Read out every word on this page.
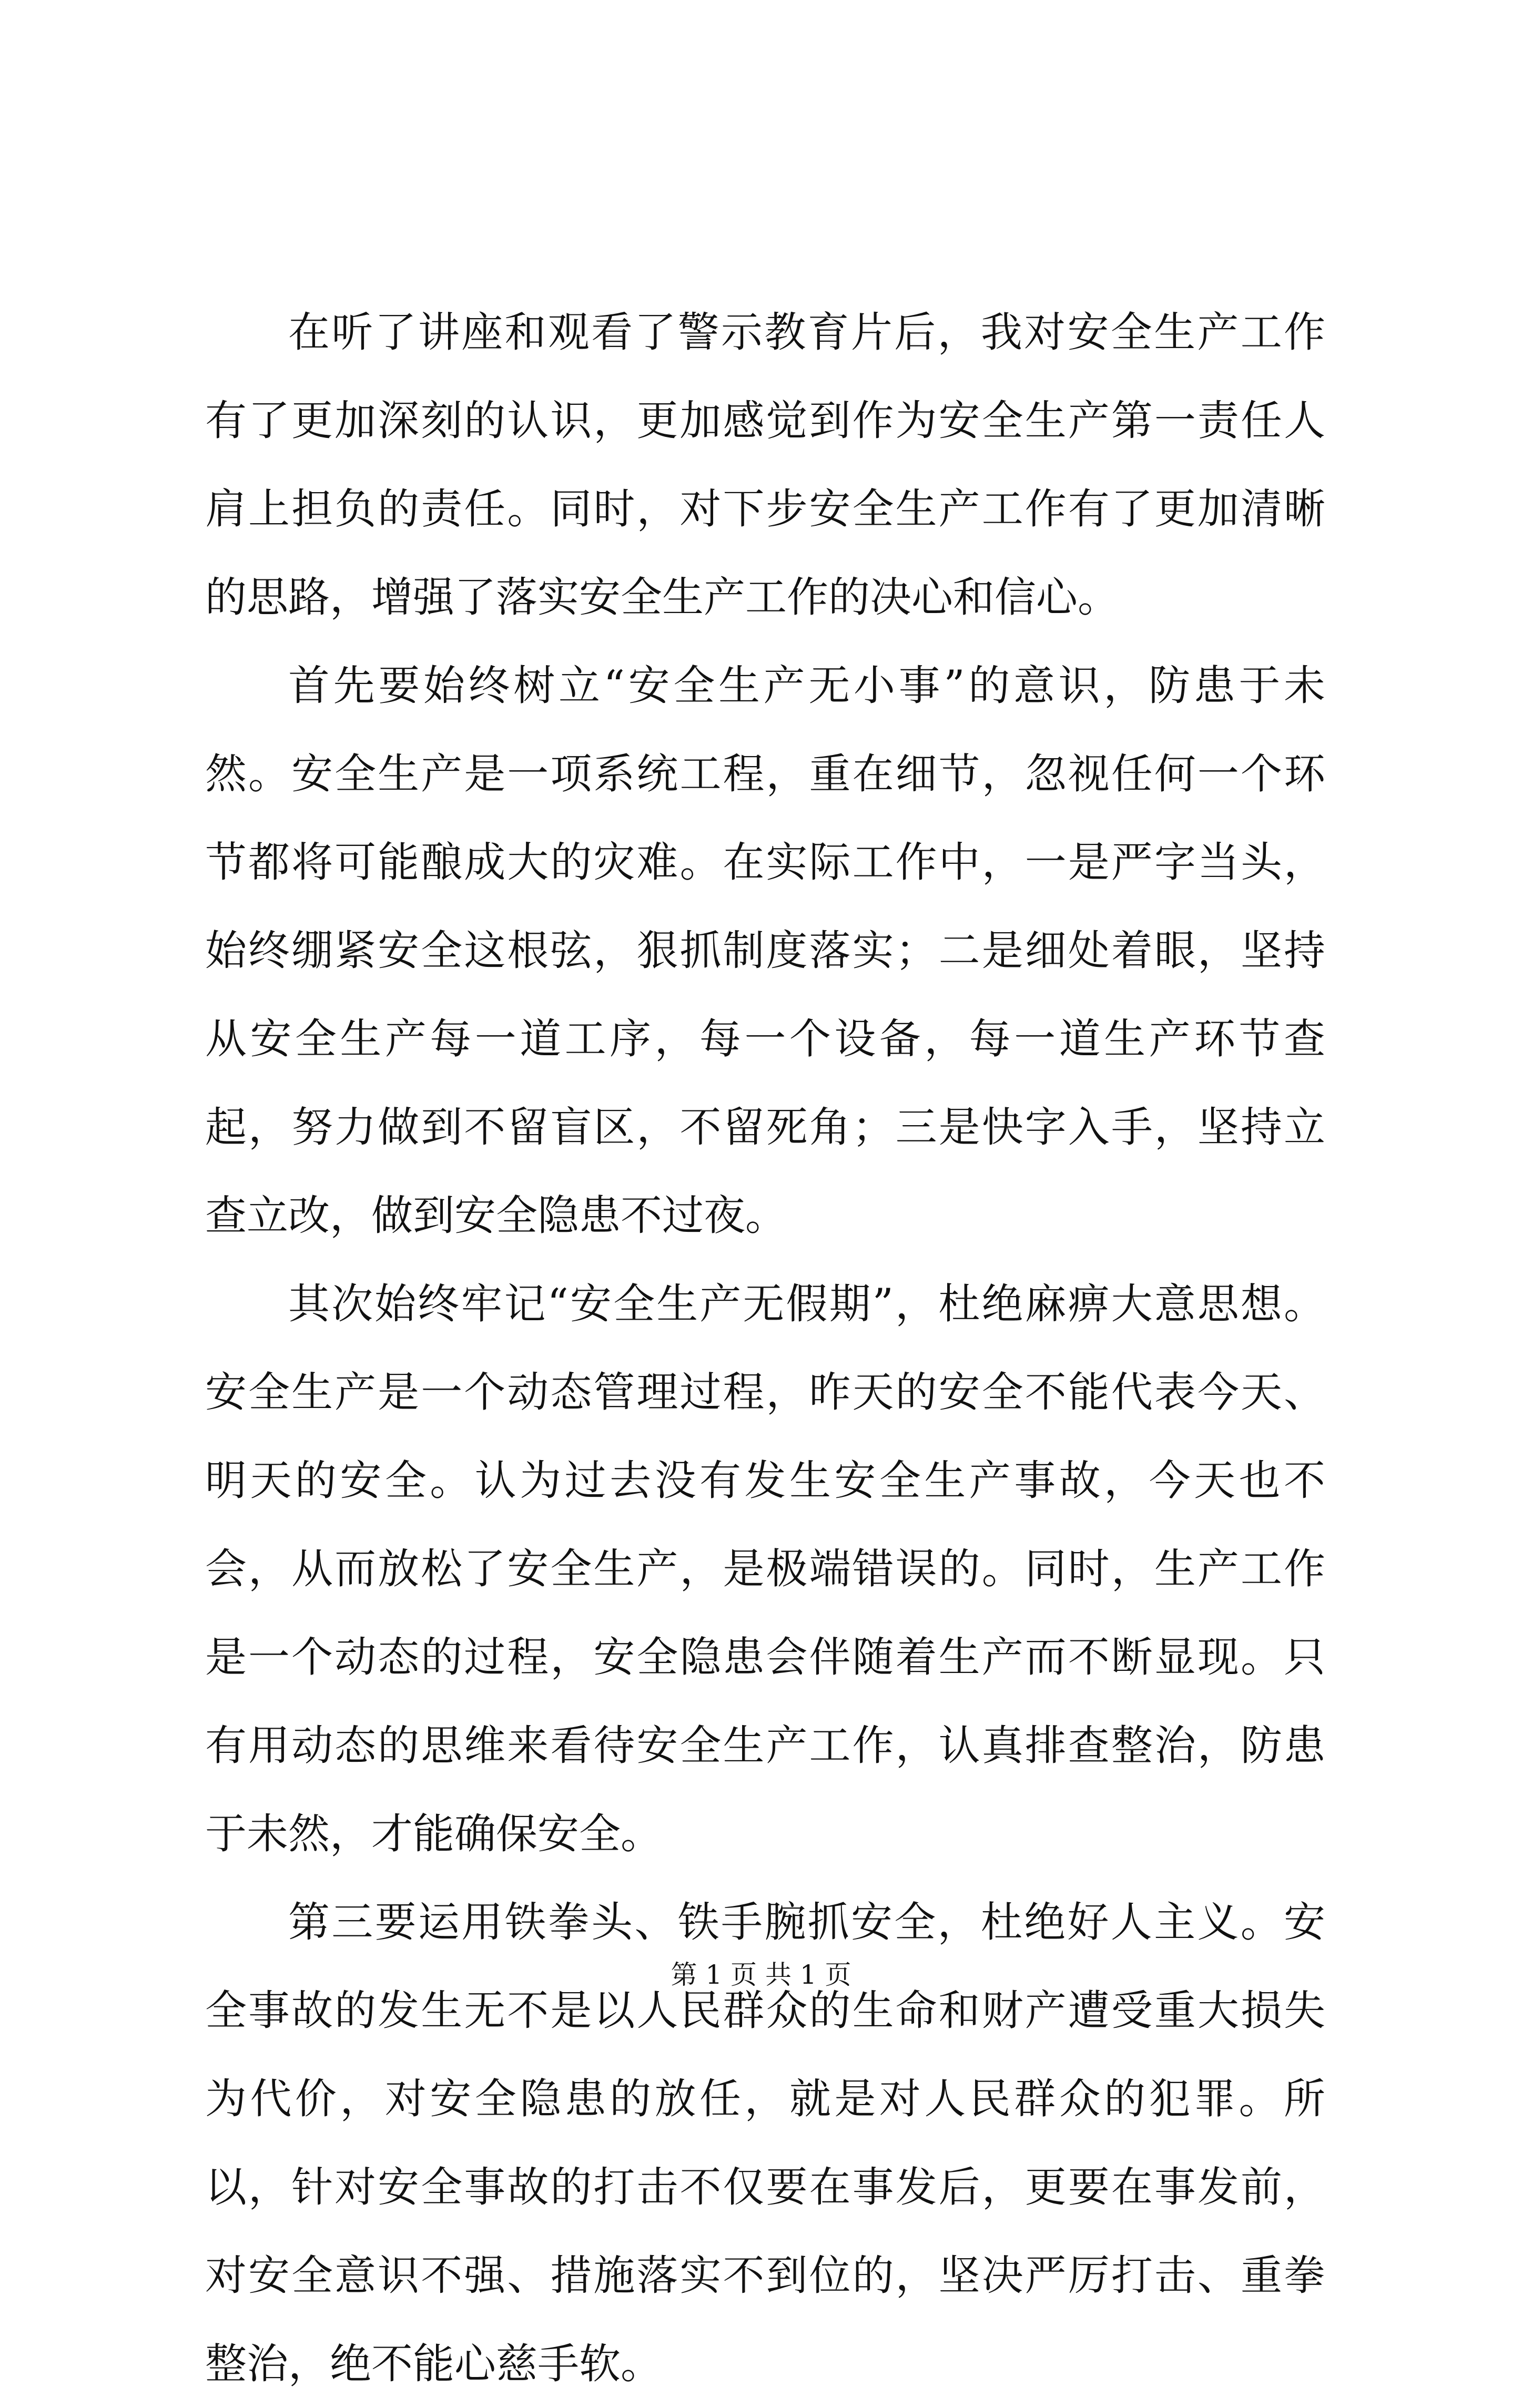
在听了讲座和观看了警示教育片后，我对安全生产工作有了更加深刻的认识，更加感觉到作为安全生产第一责任人肩上担负的责任。同时，对下步安全生产工作有了更加清晰的思路，增强了落实安全生产工作的决心和信心。

首先要始终树立“安全生产无小事”的意识，防患于未然。安全生产是一项系统工程，重在细节，忽视任何一个环节都将可能酿成大的灾难。在实际工作中，一是严字当头，始终绷紧安全这根弦，狠抓制度落实；二是细处着眼，坚持从安全生产每一道工序，每一个设备，每一道生产环节查起，努力做到不留盲区，不留死角；三是快字入手，坚持立查立改，做到安全隐患不过夜。

其次始终牢记“安全生产无假期”，杜绝麻痹大意思想。安全生产是一个动态管理过程，昨天的安全不能代表今天、明天的安全。认为过去没有发生安全生产事故，今天也不会，从而放松了安全生产，是极端错误的。同时，生产工作是一个动态的过程，安全隐患会伴随着生产而不断显现。只有用动态的思维来看待安全生产工作，认真排查整治，防患于未然，才能确保安全。

第三要运用铁拳头、铁手腕抓安全，杜绝好人主义。安全事故的发生无不是以人民群众的生命和财产遭受重大损失为代价，对安全隐患的放任，就是对人民群众的犯罪。所以，针对安全事故的打击不仅要在事发后，更要在事发前，对安全意识不强、措施落实不到位的，坚决严厉打击、重拳整治，绝不能心慈手软。

第 1 页 共 1 页
